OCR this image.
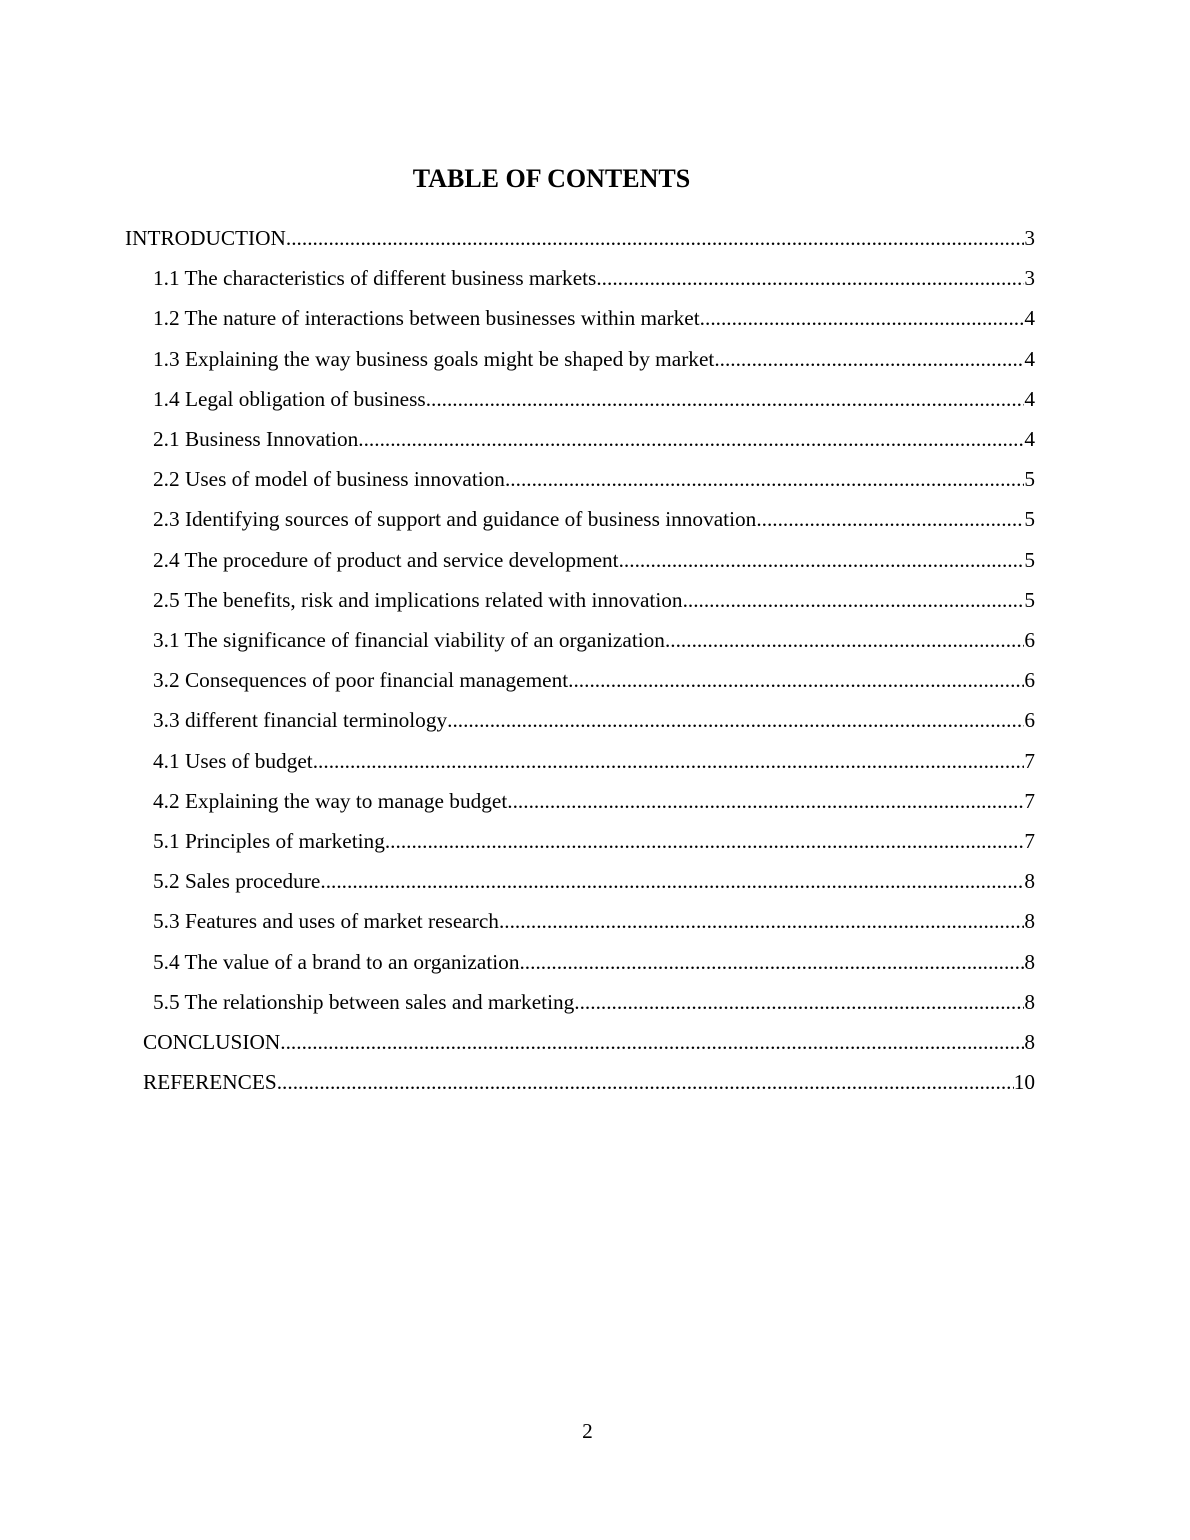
TABLE OF CONTENTS
INTRODUCTION .....	3
1.1 The characteristics of different business markets .....	3
1.2 The nature of interactions between businesses within market .....	4
1.3 Explaining the way business goals might be shaped by market .....	4
1.4 Legal obligation of business .....	4
2.1 Business Innovation .....	4
2.2 Uses of model of business innovation .....	5
2.3 Identifying sources of support and guidance of business innovation .....	5
2.4 The procedure of product and service development .....	5
2.5 The benefits, risk and implications related with innovation .....	5
3.1 The significance of financial viability of an organization .....	6
3.2 Consequences of poor financial management .....	6
3.3 different financial terminology .....	6
4.1 Uses of budget .....	7
4.2 Explaining the way to manage budget .....	7
5.1 Principles of marketing .....	7
5.2 Sales procedure .....	8
5.3 Features and uses of market research .....	8
5.4 The value of a brand to an organization .....	8
5.5 The relationship between sales and marketing .....	8
CONCLUSION .....	8
REFERENCES .....	10
2
